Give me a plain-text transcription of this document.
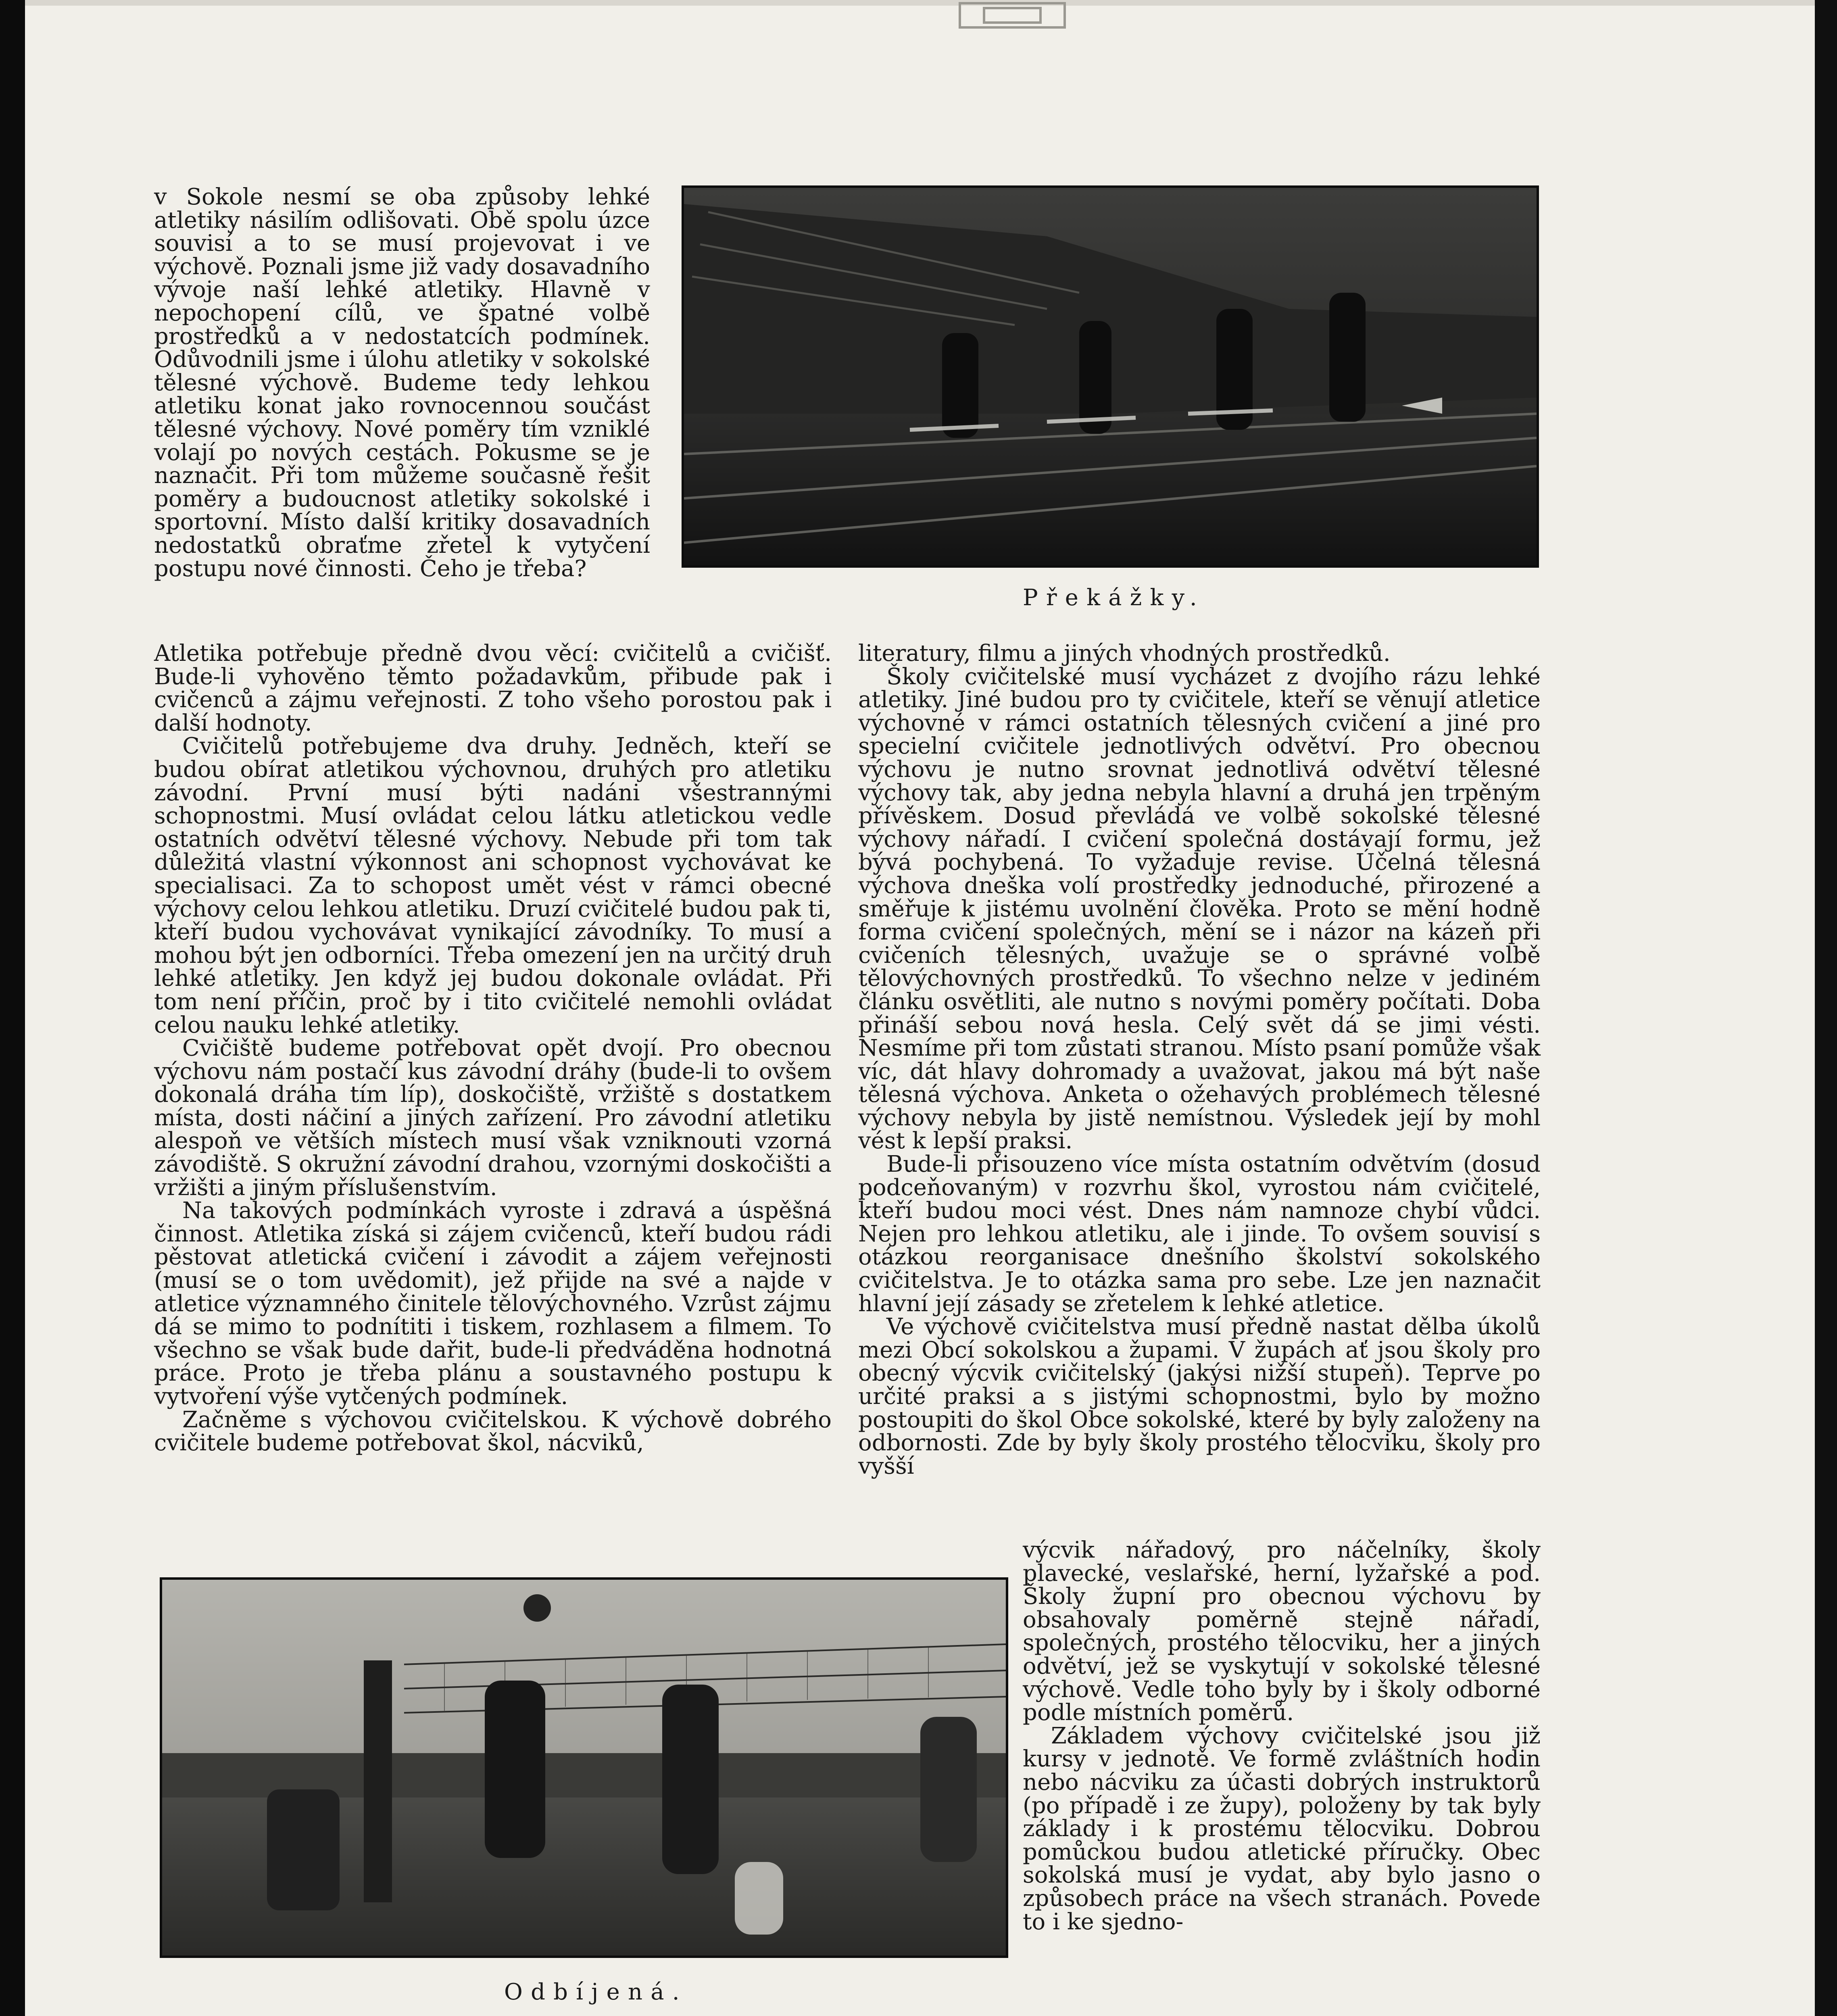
v Sokole nesmí se oba způsoby lehké atletiky násilím odlišovati. Obě spolu úzce souvisí a to se musí projevovat i ve výchově. Poznali jsme již vady dosavadního vývoje naší lehké atletiky. Hlavně v nepochopení cílů, ve špatné volbě prostředků a v nedostatcích podmínek. Odůvodnili jsme i úlohu atletiky v sokolské tělesné výchově. Budeme tedy lehkou atletiku konat jako rovnocennou součást tělesné výchovy. Nové poměry tím vzniklé volají po nových cestách. Pokusme se je naznačit. Při tom můžeme současně řešit poměry a budoucnost atletiky sokolské i sportovní. Místo další kritiky dosavadních nedostatků obraťme zřetel k vytyčení postupu nové činnosti. Čeho je třeba?

Překážky.

Atletika potřebuje předně dvou věcí: cvičitelů a cvičišť. Bude-li vyhověno těmto požadavkům, přibude pak i cvičenců a zájmu veřejnosti. Z toho všeho porostou pak i další hodnoty.

Cvičitelů potřebujeme dva druhy. Jedněch, kteří se budou obírat atletikou výchovnou, druhých pro atletiku závodní. První musí býti nadáni všestrannými schopnostmi. Musí ovládat celou látku atletickou vedle ostatních odvětví tělesné výchovy. Nebude při tom tak důležitá vlastní výkonnost ani schopnost vychovávat ke specialisaci. Za to schopost umět vést v rámci obecné výchovy celou lehkou atletiku. Druzí cvičitelé budou pak ti, kteří budou vychovávat vynikající závodníky. To musí a mohou být jen odborníci. Třeba omezení jen na určitý druh lehké atletiky. Jen když jej budou dokonale ovládat. Při tom není příčin, proč by i tito cvičitelé nemohli ovládat celou nauku lehké atletiky.

Cvičiště budeme potřebovat opět dvojí. Pro obecnou výchovu nám postačí kus závodní dráhy (bude-li to ovšem dokonalá dráha tím líp), doskočiště, vržiště s dostatkem místa, dosti náčiní a jiných zařízení. Pro závodní atletiku alespoň ve větších místech musí však vzniknouti vzorná závodiště. S okružní závodní drahou, vzornými doskočišti a vržišti a jiným příslušenstvím.

Na takových podmínkách vyroste i zdravá a úspěšná činnost. Atletika získá si zájem cvičenců, kteří budou rádi pěstovat atletická cvičení i závodit a zájem veřejnosti (musí se o tom uvědomit), jež přijde na své a najde v atletice významného činitele tělovýchovného. Vzrůst zájmu dá se mimo to podnítiti i tiskem, rozhlasem a filmem. To všechno se však bude dařit, bude-li předváděna hodnotná práce. Proto je třeba plánu a soustavného postupu k vytvoření výše vytčených podmínek.

Začněme s výchovou cvičitelskou. K výchově dobrého cvičitele budeme potřebovat škol, nácviků,

literatury, filmu a jiných vhodných prostředků.

Školy cvičitelské musí vycházet z dvojího rázu lehké atletiky. Jiné budou pro ty cvičitele, kteří se věnují atletice výchovné v rámci ostatních tělesných cvičení a jiné pro specielní cvičitele jednotlivých odvětví. Pro obecnou výchovu je nutno srovnat jednotlivá odvětví tělesné výchovy tak, aby jedna nebyla hlavní a druhá jen trpěným přívěskem. Dosud převládá ve volbě sokolské tělesné výchovy nářadí. I cvičení společná dostávají formu, jež bývá pochybená. To vyžaduje revise. Účelná tělesná výchova dneška volí prostředky jednoduché, přirozené a směřuje k jistému uvolnění člověka. Proto se mění hodně forma cvičení společných, mění se i názor na kázeň při cvičeních tělesných, uvažuje se o správné volbě tělovýchovných prostředků. To všechno nelze v jediném článku osvětliti, ale nutno s novými poměry počítati. Doba přináší sebou nová hesla. Celý svět dá se jimi vésti. Nesmíme při tom zůstati stranou. Místo psaní pomůže však víc, dát hlavy dohromady a uvažovat, jakou má být naše tělesná výchova. Anketa o ožehavých problémech tělesné výchovy nebyla by jistě nemístnou. Výsledek její by mohl vést k lepší praksi.

Bude-li přisouzeno více místa ostatním odvětvím (dosud podceňovaným) v rozvrhu škol, vyrostou nám cvičitelé, kteří budou moci vést. Dnes nám namnoze chybí vůdci. Nejen pro lehkou atletiku, ale i jinde. To ovšem souvisí s otázkou reorganisace dnešního školství sokolského cvičitelstva. Je to otázka sama pro sebe. Lze jen naznačit hlavní její zásady se zřetelem k lehké atletice.

Ve výchově cvičitelstva musí předně nastat dělba úkolů mezi Obcí sokolskou a župami. V župách ať jsou školy pro obecný výcvik cvičitelský (jakýsi nižší stupeň). Teprve po určité praksi a s jistými schopnostmi, bylo by možno postoupiti do škol Obce sokolské, které by byly založeny na odbornosti. Zde by byly školy prostého tělocviku, školy pro vyšší

Odbíjená.

výcvik nářadový, pro náčelníky, školy plavecké, veslařské, herní, lyžařské a pod. Školy župní pro obecnou výchovu by obsahovaly poměrně stejně nářadí, společných, prostého tělocviku, her a jiných odvětví, jež se vyskytují v sokolské tělesné výchově. Vedle toho byly by i školy odborné podle místních poměrů.

Základem výchovy cvičitelské jsou již kursy v jednotě. Ve formě zvláštních hodin nebo nácviku za účasti dobrých instruktorů (po případě i ze župy), položeny by tak byly základy i k prostému tělocviku. Dobrou pomůckou budou atletické příručky. Obec sokolská musí je vydat, aby bylo jasno o způsobech práce na všech stranách. Povede to i ke sjedno-
